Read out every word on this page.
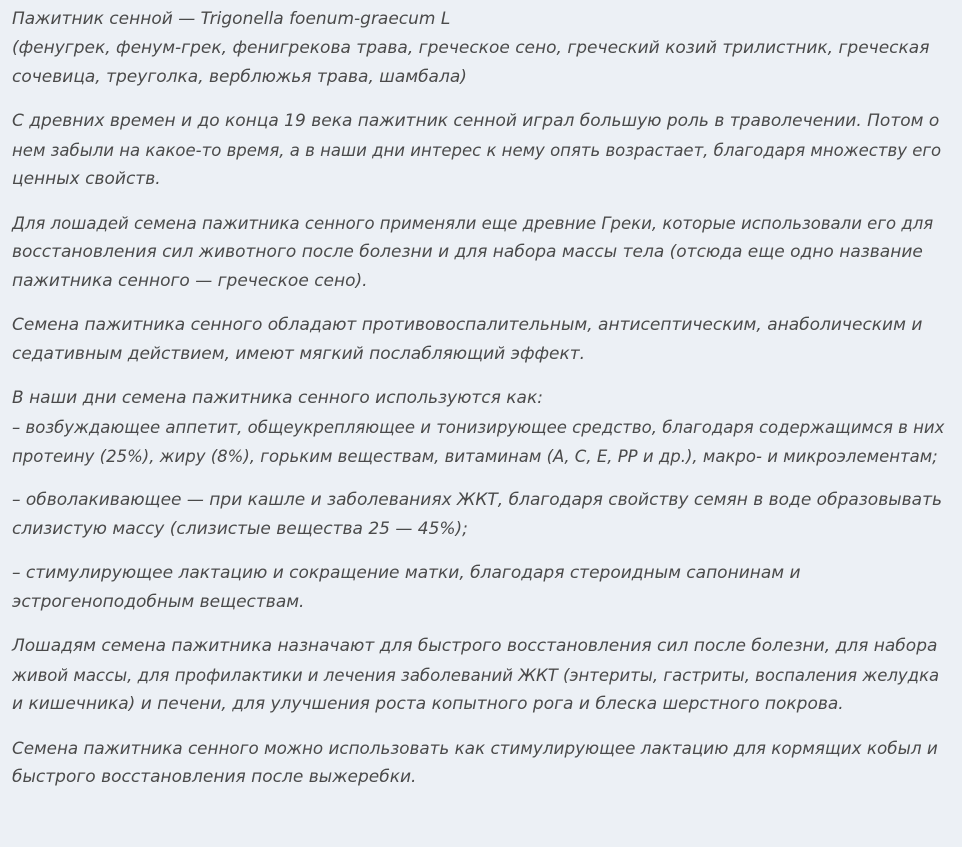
Пажитник сенной — Trigonella foenum-graecum L
(фенугрек, фенум-грек, фенигрекова трава, греческое сено, греческий козий трилистник, греческая
сочевица, треуголка, верблюжья трава, шамбала)

С древних времен и до конца 19 века пажитник сенной играл большую роль в траволечении. Потом о
нем забыли на какое-то время, а в наши дни интерес к нему опять возрастает, благодаря множеству его
ценных свойств.

Для лошадей семена пажитника сенного применяли еще древние Греки, которые использовали его для
восстановления сил животного после болезни и для набора массы тела (отсюда еще одно название
пажитника сенного — греческое сено).

Семена пажитника сенного обладают противовоспалительным, антисептическим, анаболическим и
седативным действием, имеют мягкий послабляющий эффект.

В наши дни семена пажитника сенного используются как:
– возбуждающее аппетит, общеукрепляющее и тонизирующее средство, благодаря содержащимся в них
протеину (25%), жиру (8%), горьким веществам, витаминам (А, С, Е, РР и др.), макро- и микроэлементам;

– обволакивающее — при кашле и заболеваниях ЖКТ, благодаря свойству семян в воде образовывать
слизистую массу (слизистые вещества 25 — 45%);

– стимулирующее лактацию и сокращение матки, благодаря стероидным сапонинам и
эстрогеноподобным веществам.

Лошадям семена пажитника назначают для быстрого восстановления сил после болезни, для набора
живой массы, для профилактики и лечения заболеваний ЖКТ (энтериты, гастриты, воспаления желудка
и кишечника) и печени, для улучшения роста копытного рога и блеска шерстного покрова.

Семена пажитника сенного можно использовать как стимулирующее лактацию для кормящих кобыл и
быстрого восстановления после выжеребки.
